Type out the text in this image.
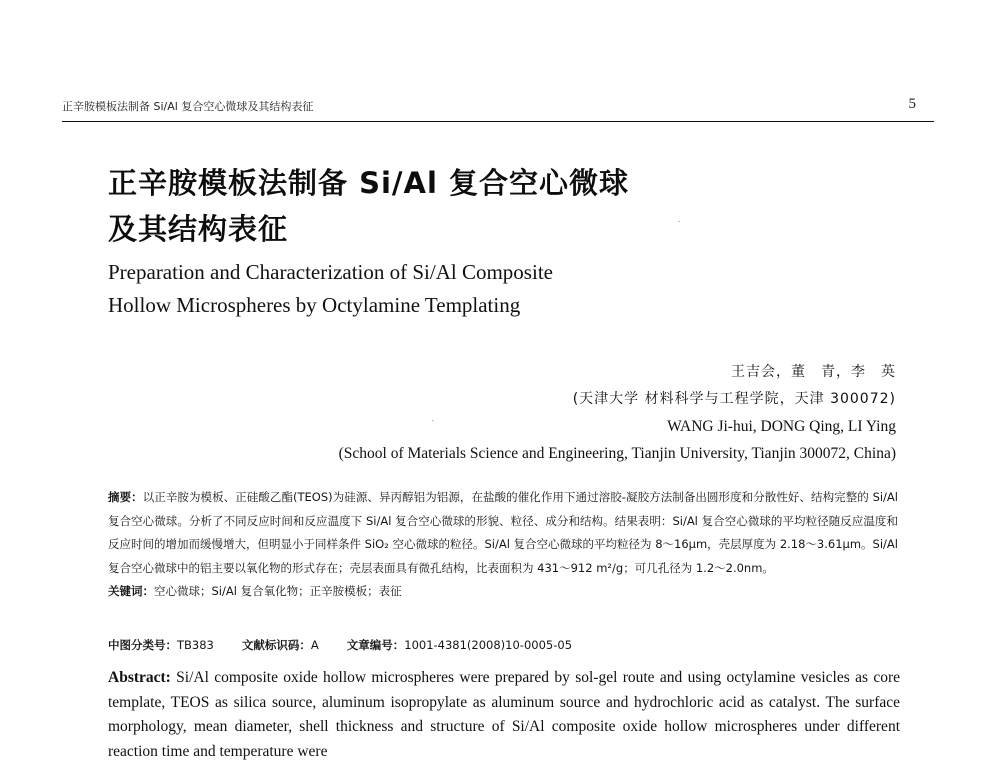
正辛胺模板法制备 Si/Al 复合空心微球及其结构表征	5
正辛胺模板法制备 Si/Al 复合空心微球
及其结构表征
Preparation and Characterization of Si/Al Composite
Hollow Microspheres by Octylamine Templating
王吉会，董　青，李　英
(天津大学 材料科学与工程学院，天津 300072)
WANG Ji-hui, DONG Qing, LI Ying
(School of Materials Science and Engineering, Tianjin University, Tianjin 300072, China)

摘要：以正辛胺为模板、正硅酸乙酯(TEOS)为硅源、异丙醇铝为铝源，在盐酸的催化作用下通过溶胶-凝胶方法制备出圆形度和分散性好、结构完整的 Si/Al 复合空心微球。分析了不同反应时间和反应温度下 Si/Al 复合空心微球的形貌、粒径、成分和结构。结果表明：Si/Al 复合空心微球的平均粒径随反应温度和反应时间的增加而缓慢增大，但明显小于同样条件 SiO₂ 空心微球的粒径。Si/Al 复合空心微球的平均粒径为 8～16μm，壳层厚度为 2.18～3.61μm。Si/Al 复合空心微球中的铝主要以氧化物的形式存在；壳层表面具有微孔结构，比表面积为 431～912 m²/g；可几孔径为 1.2～2.0nm。

关键词：空心微球；Si/Al 复合氧化物；正辛胺模板；表征

中图分类号：TB383 文献标识码：A 文章编号：1001-4381(2008)10-0005-05
Abstract: Si/Al composite oxide hollow microspheres were prepared by sol-gel route and using octylamine vesicles as core template, TEOS as silica source, aluminum isopropylate as aluminum source and hydrochloric acid as catalyst. The surface morphology, mean diameter, shell thickness and structure of Si/Al composite oxide hollow microspheres under different reaction time and temperature were
